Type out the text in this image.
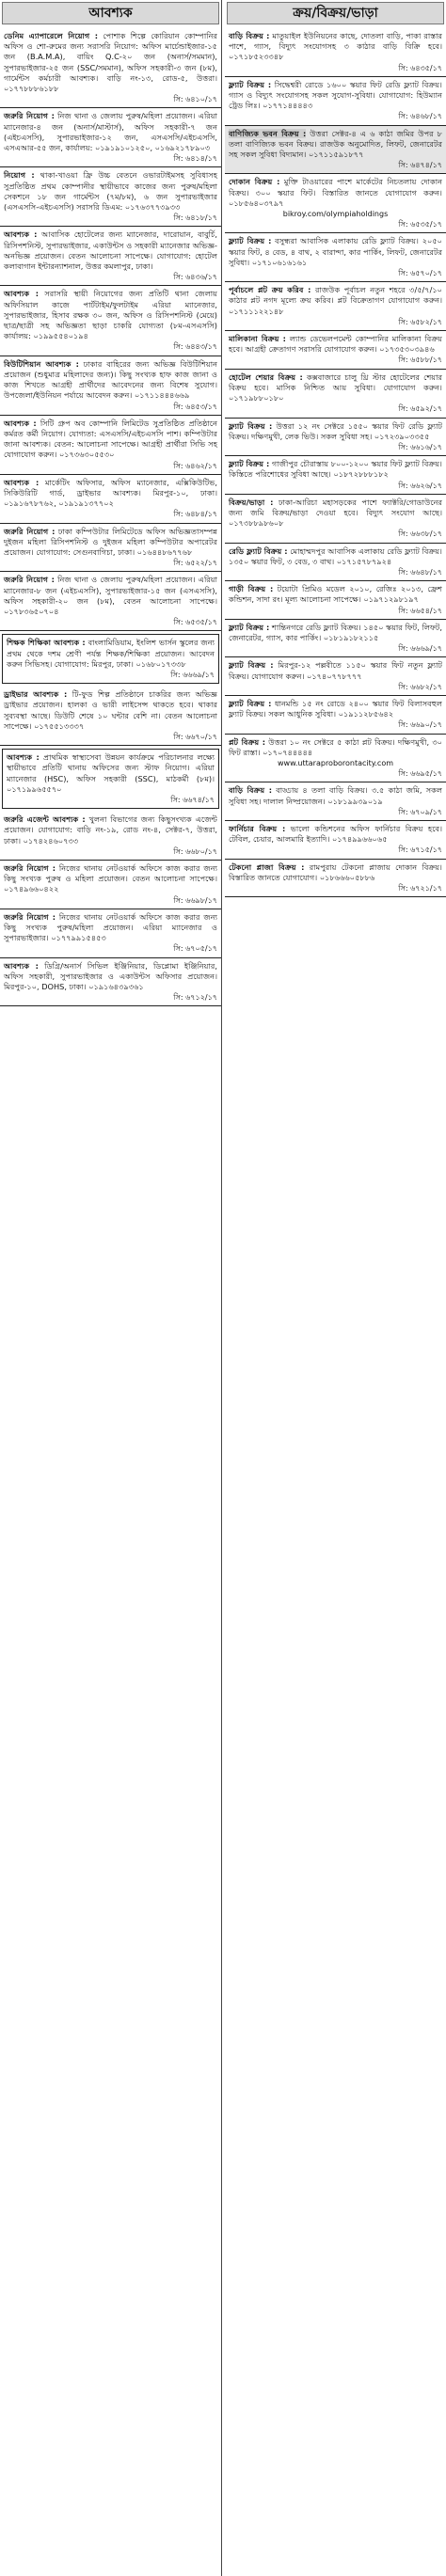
আবশ্যক
ডেনিম এ্যাপারেলে নিয়োগ : পোশাক শিল্পে কোরিয়ান কোম্পানির অফিস ও শো-রুমের জন্য সরাসরি নিয়োগ: অফিস মার্চেন্ডাইজার-১৫ জন (B.A.M.A), বায়িং Q.C-২০ জন (অনার্স/সমমান), সুপারভাইজার-২৫ জন (SSC/সমমান), অফিস সহকারী-৩ জন (৮ম), গার্মেন্টস কর্মচারী আবশ্যক। বাড়ি নং-১৩, রোড-৫, উত্তরা। ০১৭৭৮৮৮৬১৮৮
সি: ৬৪১০/১৭
জরুরি নিয়োগ : নিজ থানা ও জেলায় পুরুষ/মহিলা প্রয়োজন। এরিয়া ম্যানেজার-৪ জন (অনার্স/মাস্টার্স), অফিস সহকারী-৭ জন (এইচএসসি), সুপারভাইজার-১২ জন, এসএসসি/এইচএসসি, এসএআর-৫৫ জন, কার্যালয়: ০১৯১৯১০১২৫০, ০১৬৯২১৭৮৯০৩
সি: ৬৪১৪/১৭
নিয়োগ : থাকা-খাওয়া ফ্রি উচ্চ বেতনে ওভারটাইমসহ সুবিধাসহ সুপ্রতিষ্ঠিত প্রথম কোম্পানীর স্থায়ীভাবে কাজের জন্য পুরুষ/মহিলা সেকশনে ১৮ জন গার্মেন্টস (৭ম/৮ম), ৬ জন সুপারভাইজার (এসএসসি-এইচএসসি) সরাসরি ডিএম: ০১৭৬৩৭৭৩৯৩৩
সি: ৬৪১৮/১৭
আবশ্যক : আবাসিক হোটেলের জন্য ম্যানেজার, দারোয়ান, বাবুর্চি, রিসিপশনিস্ট, সুপারভাইজার, একাউন্টস ও সহকারী ম্যানেজার অভিজ্ঞ-অনভিজ্ঞ প্রয়োজন। বেতন আলোচনা সাপেক্ষে। যোগাযোগ: হোটেল কলাবাগান ইন্টারন্যাশনাল, উত্তর কমলাপুর, ঢাকা।
সি: ৬৪৩৬/১৭
আবশ্যক : সরাসরি স্থায়ী নিয়োগের জন্য প্রতিটি থানা জেলায় অফিসিয়াল কাজে পার্টটাইম/ফুলটাইম এরিয়া ম্যানেজার, সুপারভাইজার, হিসাব রক্ষক ৩০ জন, অফিস ও রিসিপশনিস্ট (মেয়ে) ছাত্র/ছাত্রী সহ অভিজ্ঞতা ছাড়া চাকরি যোগ্যতা (৮ম-এসএসসি) কার্যালয়: ০১৯৯৫৫৪০১৯৪
সি: ৬৪৪৩/১৭
বিউটিশিয়ান আবশ্যক : ঢাকার বাহিরের জন্য অভিজ্ঞ বিউটিশিয়ান প্রয়োজন (শুধুমাত্র মহিলাদের জন্য)। কিছু সংখ্যক হাফ কাজ জানা ও কাজ শিখতে আগ্রহী প্রার্থীদের আবেদনের জন্য বিশেষ সুযোগ। উপজেলা/ইউনিয়ন পর্যায়ে আবেদন করুন। ০১৭১১৪৪৪৬৬৯
সি: ৬৪৫৩/১৭
আবশ্যক : সিটি গ্রুপ অব কোম্পানি লিমিটেড সুপ্রতিষ্ঠিত প্রতিষ্ঠানে কর্মরত কর্মী নিয়োগ। যোগ্যতা: এসএসসি/এইচএসসি পাশ। কম্পিউটার জানা আবশ্যক। বেতন: আলোচনা সাপেক্ষে। আগ্রহী প্রার্থীরা সিভি সহ যোগাযোগ করুন। ০১৭৩৬৩০৫৫৩০
সি: ৬৪৬২/১৭
আবশ্যক : মার্কেটিং অফিসার, অফিস ম্যানেজার, এক্সিকিউটিভ, সিকিউরিটি গার্ড, ড্রাইভার আবশ্যক। মিরপুর-১০, ঢাকা। ০১৯১৬৭৮৭৬২, ০১৯১৯১৩৭৭০২
সি: ৬৪৮৪/১৭
জরুরি নিয়োগ : ঢাকা কম্পিউটার লিমিটেডে অফিস অভিজ্ঞতাসম্পন্ন দুইজন মহিলা রিসিপশনিস্ট ও দুইজন মহিলা কম্পিউটার অপারেটর প্রয়োজন। যোগাযোগ: সেগুনবাগিচা, ঢাকা। ০১৬৪৪৮৬৭৭৬৮
সি: ৬৫২২/১৭
জরুরি নিয়োগ : নিজ থানা ও জেলায় পুরুষ/মহিলা প্রয়োজন। এরিয়া ম্যানেজার-৮ জন (এইচএসসি), সুপারভাইজার-১৫ জন (এসএসসি), অফিস সহকারী-২০ জন (৮ম), বেতন আলোচনা সাপেক্ষে। ০১৭৮৩৬৫০৭০৪
সি: ৬৫৩৫/১৭
শিক্ষক শিক্ষিকা আবশ্যক : বাংলামিডিয়াম, ইংলিশ ভার্সন স্কুলের জন্য প্রথম থেকে দশম শ্রেণী পর্যন্ত শিক্ষক/শিক্ষিকা প্রয়োজন। আবেদন করুন সিভিসহ। যোগাযোগ: মিরপুর, ঢাকা। ০১৬৮০১৭৩৩৮
সি: ৬৬৬৯/১৭
ড্রাইভার আবশ্যক : টি-ফুড শিল্প প্রতিষ্ঠানে চাকরির জন্য অভিজ্ঞ ড্রাইভার প্রয়োজন। হালকা ও ভারী লাইসেন্স থাকতে হবে। থাকার সুব্যবস্থা আছে। ডিউটি শেষে ১০ ঘন্টার বেশি না। বেতন আলোচনা সাপেক্ষে। ০১৭৫৫১৩৩৩৭
সি: ৬৬৭০/১৭
আবশ্যক : প্রাথমিক স্বাস্থ্যসেবা উন্নয়ন কার্যক্রমে পরিচালনার লক্ষ্যে স্থায়ীভাবে প্রতিটি থানায় অফিসের জন্য স্টাফ নিয়োগ। এরিয়া ম্যানেজার (HSC), অফিস সহকারী (SSC), মাঠকর্মী (৮ম)। ০১৭১৯৯৬৫৫৭০
সি: ৬৬৭৪/১৭
জরুরি এজেন্ট আবশ্যক : খুলনা বিভাগের জন্য কিছুসংখ্যক এজেন্ট প্রয়োজন। যোগাযোগ: বাড়ি নং-১৯, রোড নং-৪, সেক্টর-৭, উত্তরা, ঢাকা। ০১৭৪২৪৬০৭৩৩
সি: ৬৬৮০/১৭
জরুরি নিয়োগ : নিজের থানায় নেটওয়ার্ক অফিসে কাজ করার জন্য কিছু সংখ্যক পুরুষ ও মহিলা প্রয়োজন। বেতন আলোচনা সাপেক্ষে। ০১৭৪৯৬৬০৪২২
সি: ৬৬৯৮/১৭
জরুরি নিয়োগ : নিজের থানায় নেটওয়ার্ক অফিসে কাজ করার জন্য কিছু সংখ্যক পুরুষ/মহিলা প্রয়োজন। এরিয়া ম্যানেজার ও সুপারভাইজার। ০১৭৭৯৯১৫৪৫৩
সি: ৬৭০৫/১৭
আবশ্যক : ডিগ্রি/অনার্স সিভিল ইঞ্জিনিয়ার, ডিপ্লোমা ইঞ্জিনিয়ার, অফিস সহকারী, সুপারভাইজার ও একাউন্টস অফিসার প্রয়োজন। মিরপুর-১০, DOHS, ঢাকা। ০১৯১৬৪৩৯৩৬১
সি: ৬৭১২/১৭
ক্রয়/বিক্রয়/ভাড়া
বাড়ি বিক্রয় : মাতুয়াইল ইউনিয়নের কাছে, দোতলা বাড়ি, পাকা রাস্তার পাশে, গ্যাস, বিদ্যুৎ সংযোগসহ ৩ কাঠার বাড়ি বিক্রি হবে। ০১৭১৮৫২৩৩৪৮
সি: ৬৪৩৫/১৭
ফ্ল্যাট বিক্রয় : সিদ্ধেশ্বরী রোডে ১৬০০ স্কয়ার ফিট রেডি ফ্ল্যাট বিক্রয়। গ্যাস ও বিদ্যুৎ সংযোগসহ সকল সুযোগ-সুবিধা। যোগাযোগ: হিউম্যান ট্রেড লিঃ। ০১৭৭১৪৪৪৪৩
সি: ৬৪৬৮/১৭
বাণিজ্যিক ভবন বিক্রয় : উত্তরা সেক্টর-৪ এ ৬ কাঠা জমির উপর ৮ তলা বাণিজ্যিক ভবন বিক্রয়। রাজউক অনুমোদিত, লিফট, জেনারেটর সহ সকল সুবিধা বিদ্যমান। ০১৭১১৫৯১৮৭৭
সি: ৬৪৭৪/১৭
দোকান বিক্রয় : মুক্তি টাওয়ারের পাশে মার্কেটের নিচতলায় দোকান বিক্রয়। ৩০০ স্কয়ার ফিট। বিস্তারিত জানতে যোগাযোগ করুন। ০১৮৫৬৪০৩৭৯৭
bikroy.com/olympiaholdings
সি: ৬৫৩৫/১৭
ফ্ল্যাট বিক্রয় : বসুন্ধরা আবাসিক এলাকায় রেডি ফ্ল্যাট বিক্রয়। ২০৫০ স্কয়ার ফিট, ৪ বেড, ৪ বাথ, ২ বারান্দা, কার পার্কিং, লিফট, জেনারেটর সুবিধা। ০১৭১০৬১৬১৬১
সি: ৬৫৭০/১৭
পূর্বাচলে প্লট ক্রয় করিব : রাজউক পূর্বাচল নতুন শহরে ৩/৫/৭/১০ কাঠার প্লট নগদ মূল্যে ক্রয় করিব। প্লট বিক্রেতাগণ যোগাযোগ করুন। ০১৭১১১২২১৪৮
সি: ৬৫৮২/১৭
মালিকানা বিক্রয় : ল্যান্ড ডেভেলপমেন্ট কোম্পানির মালিকানা বিক্রয় হবে। আগ্রহী ক্রেতাগণ সরাসরি যোগাযোগ করুন। ০১৭৩৫৩০৩৯৪৬
সি: ৬৫৮৮/১৭
হোটেল শেয়ার বিক্রয় : কক্সবাজারে চালু থ্রি স্টার হোটেলের শেয়ার বিক্রয় হবে। মাসিক নিশ্চিত আয় সুবিধা। যোগাযোগ করুন। ০১৭১৯৮৮০১৮০
সি: ৬৫৯২/১৭
ফ্ল্যাট বিক্রয় : উত্তরা ১২ নং সেক্টরে ১৫৫০ স্কয়ার ফিট রেডি ফ্ল্যাট বিক্রয়। দক্ষিণমুখী, লেক ভিউ। সকল সুবিধা সহ। ০১৭২৩৯০৩৩৫৫
সি: ৬৬১৬/১৭
ফ্ল্যাট বিক্রয় : গাজীপুর চৌরাস্তায় ৮০০-১২০০ স্কয়ার ফিট ফ্ল্যাট বিক্রয়। কিস্তিতে পরিশোধের সুবিধা আছে। ০১৮৭২৮৮৮১৮২
সি: ৬৬২৬/১৭
বিক্রয়/ভাড়া : ঢাকা-আরিচা মহাসড়কের পাশে ফ্যাক্টরি/গোডাউনের জন্য জমি বিক্রয়/ভাড়া দেওয়া হবে। বিদ্যুৎ সংযোগ আছে। ০১৭৩৮৮৯৮৬০৮
সি: ৬৬৩৮/১৭
রেডি ফ্ল্যাট বিক্রয় : মোহাম্মদপুর আবাসিক এলাকায় রেডি ফ্ল্যাট বিক্রয়। ১৩৫০ স্কয়ার ফিট, ৩ বেড, ৩ বাথ। ০১৭১৫৭৮৭৯২৪
সি: ৬৬৪৮/১৭
গাড়ী বিক্রয় : টয়োটা প্রিমিও মডেল ২০১০, রেজিঃ ২০১৩, ফ্রেশ কন্ডিশন, সাদা রং। মূল্য আলোচনা সাপেক্ষে। ০১৯৭১২৯৮১৯৭
সি: ৬৬৫৪/১৭
ফ্ল্যাট বিক্রয় : শান্তিনগরে রেডি ফ্ল্যাট বিক্রয়। ১৪৫০ স্কয়ার ফিট, লিফট, জেনারেটর, গ্যাস, কার পার্কিং। ০১৮১৯১৮২১১৫
সি: ৬৬৬৯/১৭
ফ্ল্যাট বিক্রয় : মিরপুর-১২ পল্লবীতে ১১৫০ স্কয়ার ফিট নতুন ফ্ল্যাট বিক্রয়। যোগাযোগ করুন। ০১৭৪০৭৭৮৭৭৭
সি: ৬৬৮২/১৭
ফ্ল্যাট বিক্রয় : ধানমন্ডি ১৫ নং রোডে ২৪০০ স্কয়ার ফিট বিলাসবহুল ফ্ল্যাট বিক্রয়। সকল আধুনিক সুবিধা। ০১৯১১২৮৫৬৪২
সি: ৬৬৯০/১৭
প্লট বিক্রয় : উত্তরা ১০ নং সেক্টরে ৫ কাঠা প্লট বিক্রয়। দক্ষিণমুখী, ৩০ ফিট রাস্তা। ০১৭০৭৪৪৪৪৪
www.uttaraproborontacity.com
সি: ৬৬৯৫/১৭
বাড়ি বিক্রয় : বাড্ডায় ৪ তলা বাড়ি বিক্রয়। ৩.৫ কাঠা জমি, সকল সুবিধা সহ। দালাল নিষ্প্রয়োজন। ০১৮১৯৯৩৯০১৯
সি: ৬৭০৯/১৭
ফার্নিচার বিক্রয় : ভালো কন্ডিশনের অফিস ফার্নিচার বিক্রয় হবে। টেবিল, চেয়ার, আলমারি ইত্যাদি। ০১৭৪৯৯৬৬০৬৫
সি: ৬৭১৫/১৭
টেকনো প্লাজা বিক্রয় : রামপুরায় টেকনো প্লাজায় দোকান বিক্রয়। বিস্তারিত জানতে যোগাযোগ। ০১৮৬৬৬০৫৮৮৬
সি: ৬৭২১/১৭
